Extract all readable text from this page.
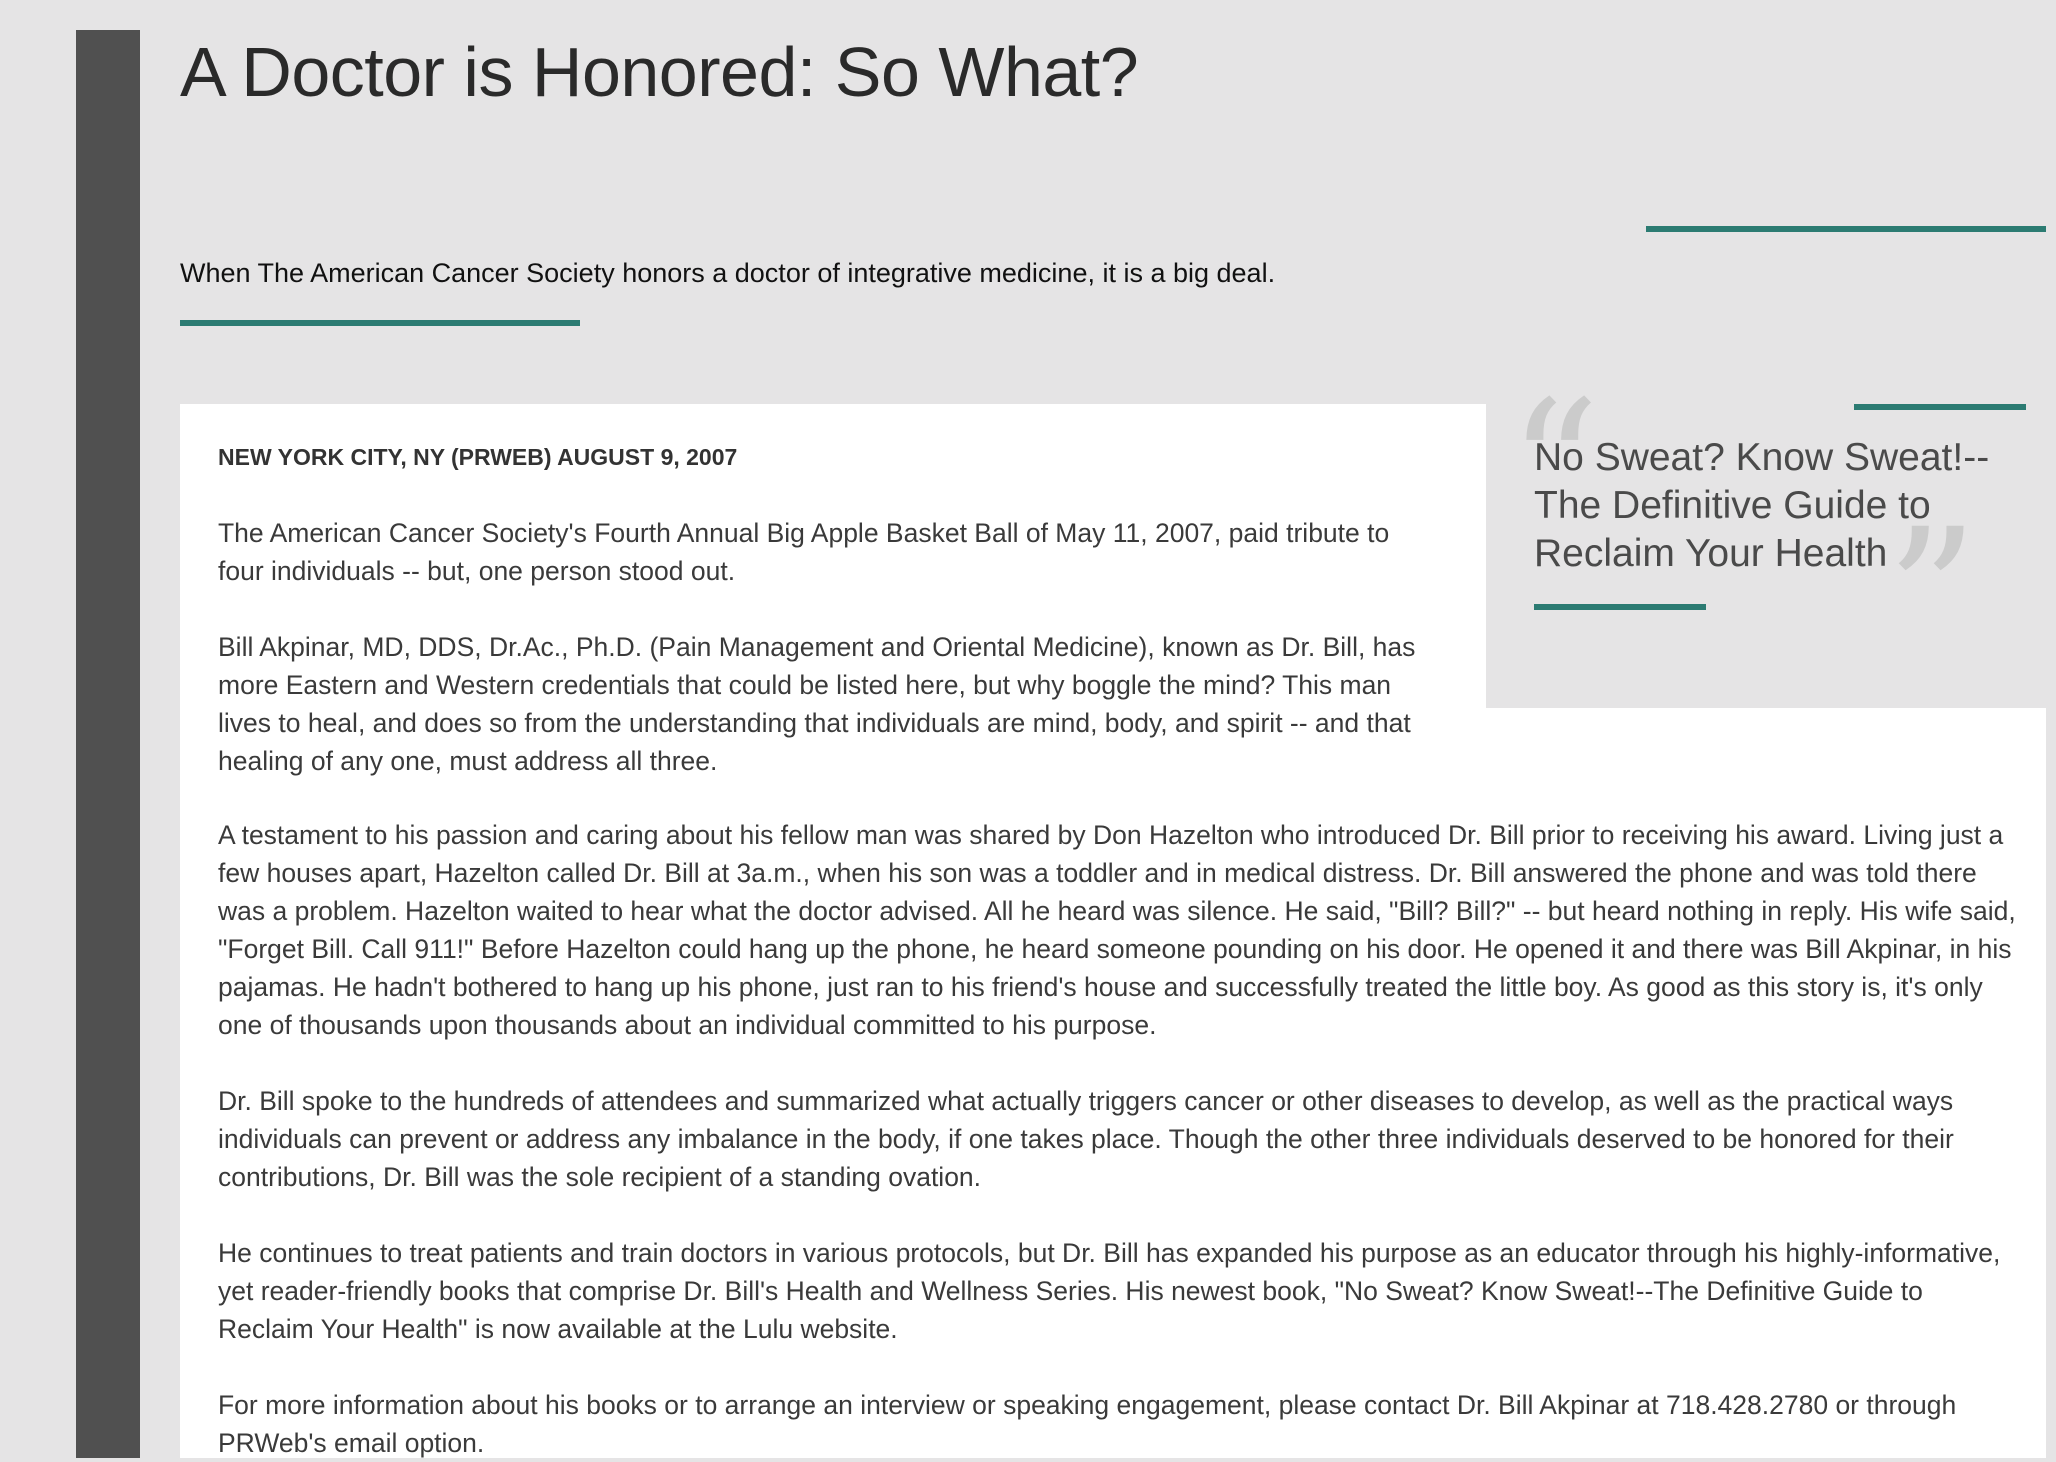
A Doctor is Honored: So What?

When The American Cancer Society honors a doctor of integrative medicine, it is a big deal.

“
”

No Sweat? Know Sweat!--The Definitive Guide to Reclaim Your Health

NEW YORK CITY, NY (PRWEB) AUGUST 9, 2007

The American Cancer Society's Fourth Annual Big Apple Basket Ball of May 11, 2007, paid tribute to four individuals -- but, one person stood out.

Bill Akpinar, MD, DDS, Dr.Ac., Ph.D. (Pain Management and Oriental Medicine), known as Dr. Bill, has more Eastern and Western credentials that could be listed here, but why boggle the mind? This man lives to heal, and does so from the understanding that individuals are mind, body, and spirit -- and that healing of any one, must address all three.

A testament to his passion and caring about his fellow man was shared by Don Hazelton who introduced Dr. Bill prior to receiving his award. Living just a few houses apart, Hazelton called Dr. Bill at 3a.m., when his son was a toddler and in medical distress. Dr. Bill answered the phone and was told there was a problem. Hazelton waited to hear what the doctor advised. All he heard was silence. He said, "Bill? Bill?" -- but heard nothing in reply. His wife said, "Forget Bill. Call 911!" Before Hazelton could hang up the phone, he heard someone pounding on his door. He opened it and there was Bill Akpinar, in his pajamas. He hadn't bothered to hang up his phone, just ran to his friend's house and successfully treated the little boy. As good as this story is, it's only one of thousands upon thousands about an individual committed to his purpose.

Dr. Bill spoke to the hundreds of attendees and summarized what actually triggers cancer or other diseases to develop, as well as the practical ways individuals can prevent or address any imbalance in the body, if one takes place. Though the other three individuals deserved to be honored for their contributions, Dr. Bill was the sole recipient of a standing ovation.

He continues to treat patients and train doctors in various protocols, but Dr. Bill has expanded his purpose as an educator through his highly-informative, yet reader-friendly books that comprise Dr. Bill's Health and Wellness Series. His newest book, "No Sweat? Know Sweat!--The Definitive Guide to Reclaim Your Health" is now available at the Lulu website.

For more information about his books or to arrange an interview or speaking engagement, please contact Dr. Bill Akpinar at 718.428.2780 or through PRWeb's email option.
